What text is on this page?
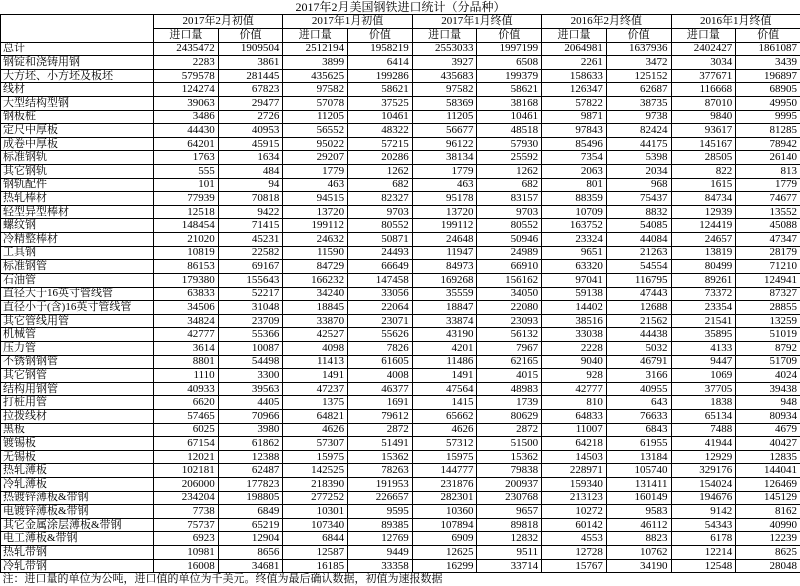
2017年2月美国钢铁进口统计（分品种）										
	2017年2月初值		2017年1月初值		2017年1月终值		2016年2月终值		2016年1月终值	
	进口量	价值	进口量	价值	进口量	价值	进口量	价值	进口量	价值
总计	2435472	1909504	2512194	1958219	2553033	1997199	2064981	1637936	2402427	1861087
钢锭和浇铸用钢	2283	3861	3899	6414	3927	6508	2261	3472	3034	3439
大方坯、小方坯及板坯	579578	281445	435625	199286	435683	199379	158633	125152	377671	196897
线材	124274	67823	97582	58621	97582	58621	126347	62687	116668	68905
大型结构型钢	39063	29477	57078	37525	58369	38168	57822	38735	87010	49950
钢板桩	3486	2726	11205	10461	11205	10461	9871	9738	9840	9995
定尺中厚板	44430	40953	56552	48322	56677	48518	97843	82424	93617	81285
成卷中厚板	64201	45915	95022	57215	96122	57930	85496	44175	145167	78942
标准钢轨	1763	1634	29207	20286	38134	25592	7354	5398	28505	26140
其它钢轨	555	484	1779	1262	1779	1262	2063	2034	822	813
钢轨配件	101	94	463	682	463	682	801	968	1615	1779
热轧棒材	77939	70818	94515	82327	95178	83157	88359	75437	84734	74677
轻型异型棒材	12518	9422	13720	9703	13720	9703	10709	8832	12939	13552
螺纹钢	148454	71415	199112	80552	199112	80552	163752	54085	124419	45088
冷精整棒材	21020	45231	24632	50871	24648	50946	23324	44084	24657	47347
工具钢	10819	22582	11590	24493	11947	24989	9651	21263	13819	28179
标准钢管	86153	69167	84729	66649	84973	66910	63320	54554	80499	71210
石油管	179380	155643	166232	147458	169268	156162	97041	116795	89261	124941
直径大于16英寸管线管	63833	52217	34240	33056	35559	34050	59138	47443	73372	87327
直径小于(含)16英寸管线管	34506	31048	18845	22064	18847	22080	14402	12688	23354	28855
其它管线用管	34824	23709	33870	23071	33874	23093	38516	21562	21541	13259
机械管	42777	55366	42527	55626	43190	56132	33038	44438	35895	51019
压力管	3614	10087	4098	7826	4201	7967	2228	5032	4133	8792
不锈钢钢管	8801	54498	11413	61605	11486	62165	9040	46791	9447	51709
其它钢管	1110	3300	1491	4008	1491	4015	928	3166	1069	4024
结构用钢管	40933	39563	47237	46377	47564	48983	42777	40955	37705	39438
打桩用管	6620	4405	1375	1691	1415	1739	810	643	1838	948
拉拨线材	57465	70966	64821	79612	65662	80629	64833	76633	65134	80934
黑板	6025	3980	4626	2872	4626	2872	11007	6843	7488	4679
镀锡板	67154	61862	57307	51491	57312	51500	64218	61955	41944	40427
无锡板	12021	12388	15975	15362	15975	15362	14503	13184	12929	12835
热轧薄板	102181	62487	142525	78263	144777	79838	228971	105740	329176	144041
冷轧薄板	206000	177823	218390	191953	231876	200937	159340	131411	154024	126469
热镀锌薄板&带钢	234204	198805	277252	226657	282301	230768	213123	160149	194676	145129
电镀锌薄板&带钢	7738	6849	10301	9595	10360	9657	10272	9583	9142	8162
其它金属涂层薄板&带钢	75737	65219	107340	89385	107894	89818	60142	46112	54343	40990
电工薄板&带钢	6923	12904	6844	12769	6909	12832	4553	8823	6178	12239
热轧带钢	10981	8656	12587	9449	12625	9511	12728	10762	12214	8625
冷轧带钢	16008	34681	16185	33358	16299	33714	15767	34190	12548	28048
注：进口量的单位为公吨，进口值的单位为千美元。终值为最后确认数据，初值为速报数据										
